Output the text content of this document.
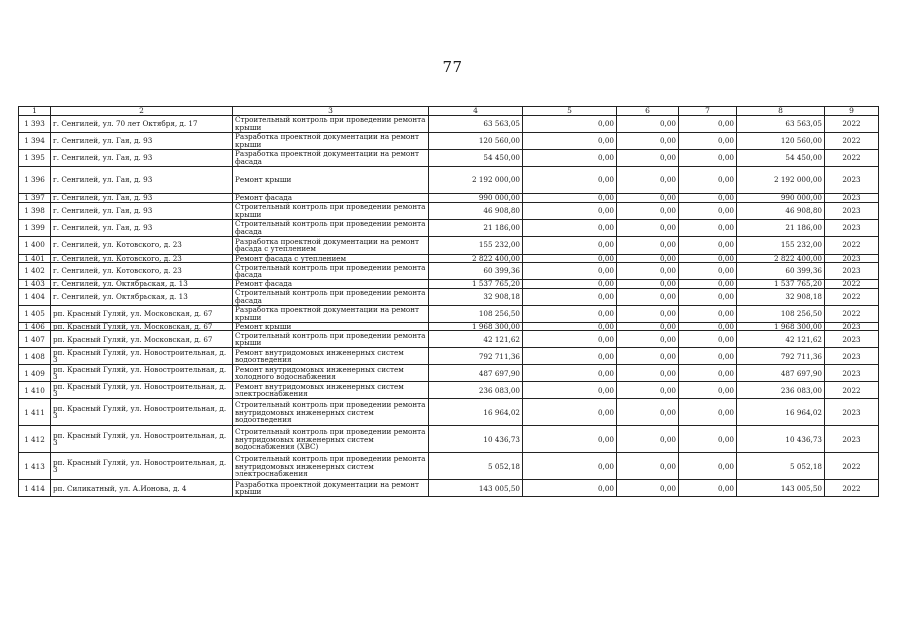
77
1	2	3	4	5	6	7	8	9
1 393	г. Сенгилей, ул. 70 лет Октября, д. 17	Строительный контроль при проведении ремонта крыши	63 563,05	0,00	0,00	0,00	63 563,05	2022
1 394	г. Сенгилей, ул. Гая, д. 93	Разработка проектной документации на ремонт крыши	120 560,00	0,00	0,00	0,00	120 560,00	2022
1 395	г. Сенгилей, ул. Гая, д. 93	Разработка проектной документации на ремонт фасада	54 450,00	0,00	0,00	0,00	54 450,00	2022
1 396	г. Сенгилей, ул. Гая, д. 93	Ремонт крыши	2 192 000,00	0,00	0,00	0,00	2 192 000,00	2023
1 397	г. Сенгилей, ул. Гая, д. 93	Ремонт фасада	990 000,00	0,00	0,00	0,00	990 000,00	2023
1 398	г. Сенгилей, ул. Гая, д. 93	Строительный контроль при проведении ремонта крыши	46 908,80	0,00	0,00	0,00	46 908,80	2023
1 399	г. Сенгилей, ул. Гая, д. 93	Строительный контроль при проведении ремонта фасада	21 186,00	0,00	0,00	0,00	21 186,00	2023
1 400	г. Сенгилей, ул. Котовского, д. 23	Разработка проектной документации на ремонт фасада с утеплением	155 232,00	0,00	0,00	0,00	155 232,00	2022
1 401	г. Сенгилей, ул. Котовского, д. 23	Ремонт фасада с утеплением	2 822 400,00	0,00	0,00	0,00	2 822 400,00	2023
1 402	г. Сенгилей, ул. Котовского, д. 23	Строительный контроль при проведении ремонта фасада	60 399,36	0,00	0,00	0,00	60 399,36	2023
1 403	г. Сенгилей, ул. Октябрьская, д. 13	Ремонт фасада	1 537 765,20	0,00	0,00	0,00	1 537 765,20	2022
1 404	г. Сенгилей, ул. Октябрьская, д. 13	Строительный контроль при проведении ремонта фасада	32 908,18	0,00	0,00	0,00	32 908,18	2022
1 405	рп. Красный Гуляй, ул. Московская, д. 67	Разработка проектной документации на ремонт крыши	108 256,50	0,00	0,00	0,00	108 256,50	2022
1 406	рп. Красный Гуляй, ул. Московская, д. 67	Ремонт крыши	1 968 300,00	0,00	0,00	0,00	1 968 300,00	2023
1 407	рп. Красный Гуляй, ул. Московская, д. 67	Строительный контроль при проведении ремонта крыши	42 121,62	0,00	0,00	0,00	42 121,62	2023
1 408	рп. Красный Гуляй, ул. Новостроительная, д. 3	Ремонт внутридомовых инженерных систем водоотведения	792 711,36	0,00	0,00	0,00	792 711,36	2023
1 409	рп. Красный Гуляй, ул. Новостроительная, д. 3	Ремонт внутридомовых инженерных систем холодного водоснабжения	487 697,90	0,00	0,00	0,00	487 697,90	2023
1 410	рп. Красный Гуляй, ул. Новостроительная, д. 3	Ремонт внутридомовых инженерных систем электроснабжения	236 083,00	0,00	0,00	0,00	236 083,00	2022
1 411	рп. Красный Гуляй, ул. Новостроительная, д. 3	Строительный контроль при проведении ремонта внутридомовых инженерных систем водоотведения	16 964,02	0,00	0,00	0,00	16 964,02	2023
1 412	рп. Красный Гуляй, ул. Новостроительная, д. 3	Строительный контроль при проведении ремонта внутридомовых инженерных систем водоснабжения (ХВС)	10 436,73	0,00	0,00	0,00	10 436,73	2023
1 413	рп. Красный Гуляй, ул. Новостроительная, д. 3	Строительный контроль при проведении ремонта внутридомовых инженерных систем электроснабжения	5 052,18	0,00	0,00	0,00	5 052,18	2022
1 414	рп. Силикатный, ул. А.Ионова, д. 4	Разработка проектной документации на ремонт крыши	143 005,50	0,00	0,00	0,00	143 005,50	2022
